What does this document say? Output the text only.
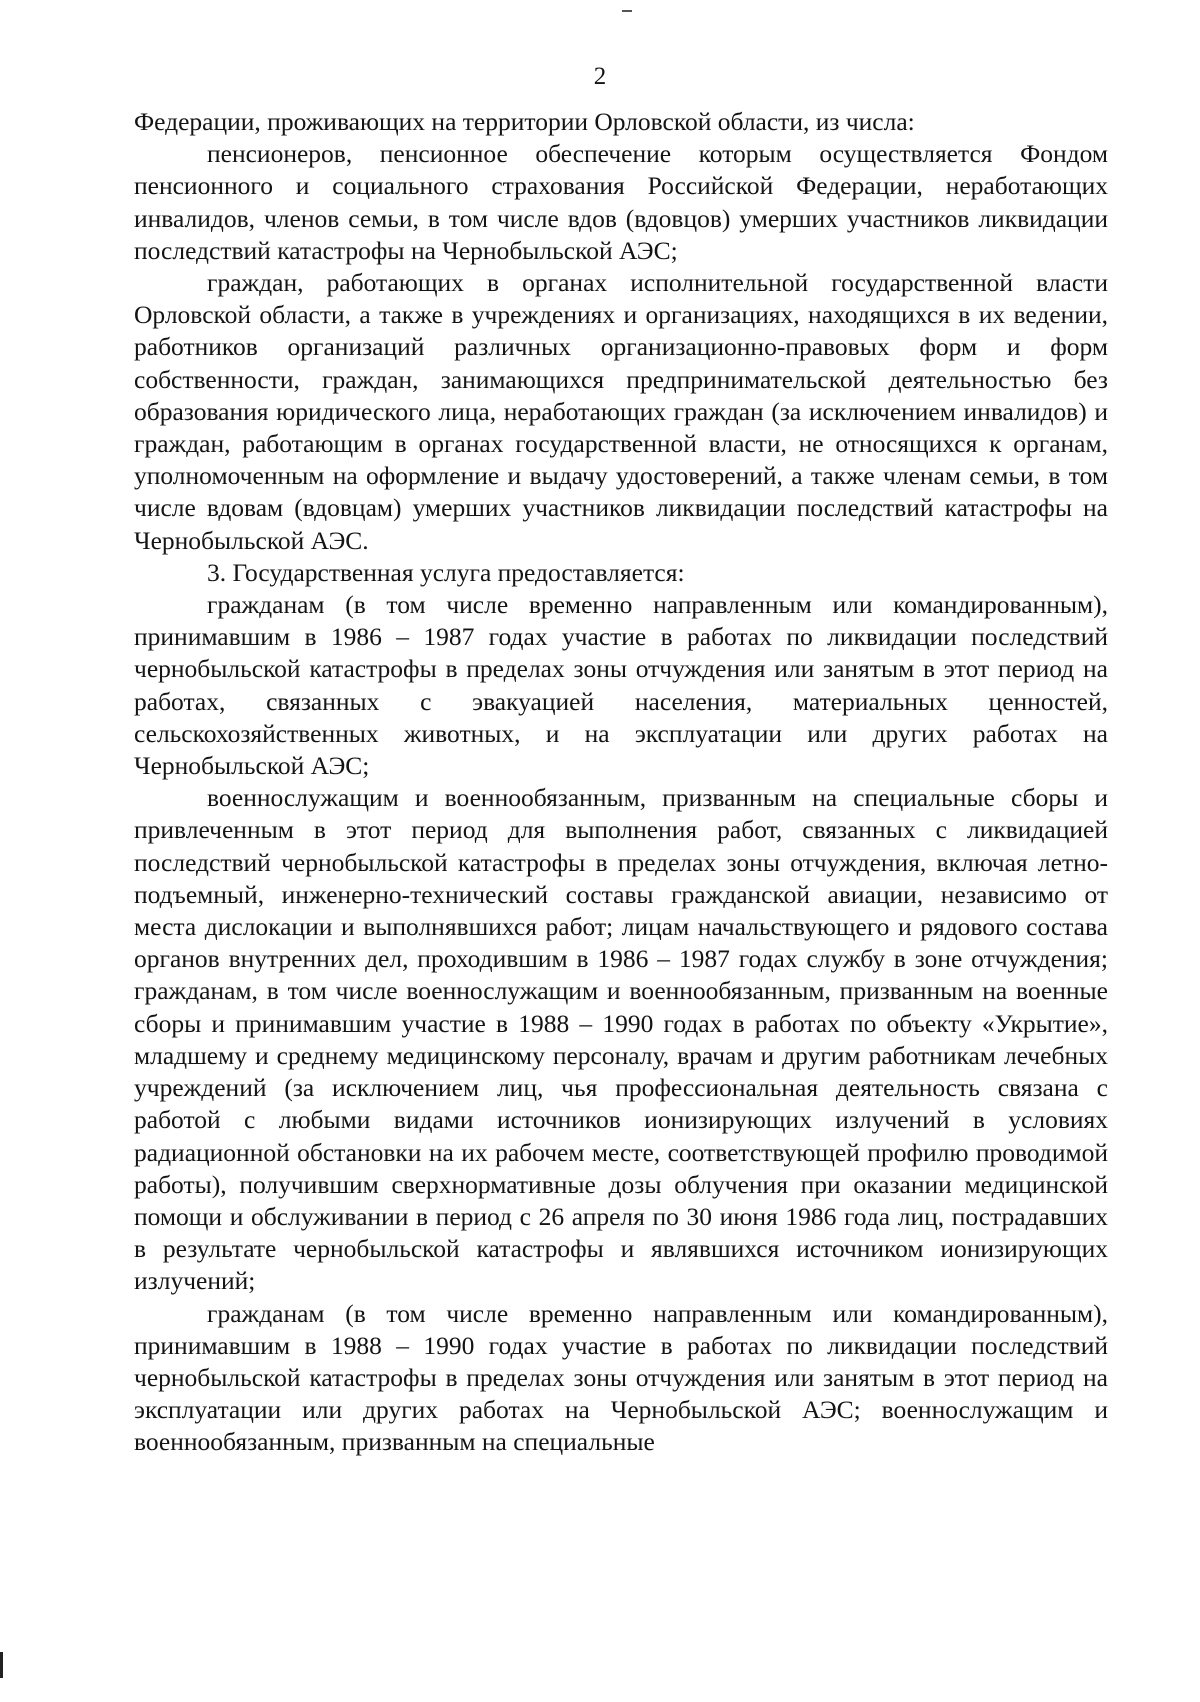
2

Федерации, проживающих на территории Орловской области, из числа:

пенсионеров, пенсионное обеспечение которым осуществляется Фондом пенсионного и социального страхования Российской Федерации, неработающих инвалидов, членов семьи, в том числе вдов (вдовцов) умерших участников ликвидации последствий катастрофы на Чернобыльской АЭС;

граждан, работающих в органах исполнительной государственной власти Орловской области, а также в учреждениях и организациях, находящихся в их ведении, работников организаций различных организационно-правовых форм и форм собственности, граждан, занимающихся предпринимательской деятельностью без образования юридического лица, неработающих граждан (за исключением инвалидов) и граждан, работающим в органах государственной власти, не относящихся к органам, уполномоченным на оформление и выдачу удостоверений, а также членам семьи, в том числе вдовам (вдовцам) умерших участников ликвидации последствий катастрофы на Чернобыльской АЭС.

3. Государственная услуга предоставляется:

гражданам (в том числе временно направленным или командированным), принимавшим в 1986 – 1987 годах участие в работах по ликвидации последствий чернобыльской катастрофы в пределах зоны отчуждения или занятым в этот период на работах, связанных с эвакуацией населения, материальных ценностей, сельскохозяйственных животных, и на эксплуатации или других работах на Чернобыльской АЭС;

военнослужащим и военнообязанным, призванным на специальные сборы и привлеченным в этот период для выполнения работ, связанных с ликвидацией последствий чернобыльской катастрофы в пределах зоны отчуждения, включая летно-подъемный, инженерно-технический составы гражданской авиации, независимо от места дислокации и выполнявшихся работ; лицам начальствующего и рядового состава органов внутренних дел, проходившим в 1986 – 1987 годах службу в зоне отчуждения; гражданам, в том числе военнослужащим и военнообязанным, призванным на военные сборы и принимавшим участие в 1988 – 1990 годах в работах по объекту «Укрытие», младшему и среднему медицинскому персоналу, врачам и другим работникам лечебных учреждений (за исключением лиц, чья профессиональная деятельность связана с работой с любыми видами источников ионизирующих излучений в условиях радиационной обстановки на их рабочем месте, соответствующей профилю проводимой работы), получившим сверхнормативные дозы облучения при оказании медицинской помощи и обслуживании в период с 26 апреля по 30 июня 1986 года лиц, пострадавших в результате чернобыльской катастрофы и являвшихся источником ионизирующих излучений;

гражданам (в том числе временно направленным или командированным), принимавшим в 1988 – 1990 годах участие в работах по ликвидации последствий чернобыльской катастрофы в пределах зоны отчуждения или занятым в этот период на эксплуатации или других работах на Чернобыльской АЭС; военнослужащим и военнообязанным, призванным на специальные
